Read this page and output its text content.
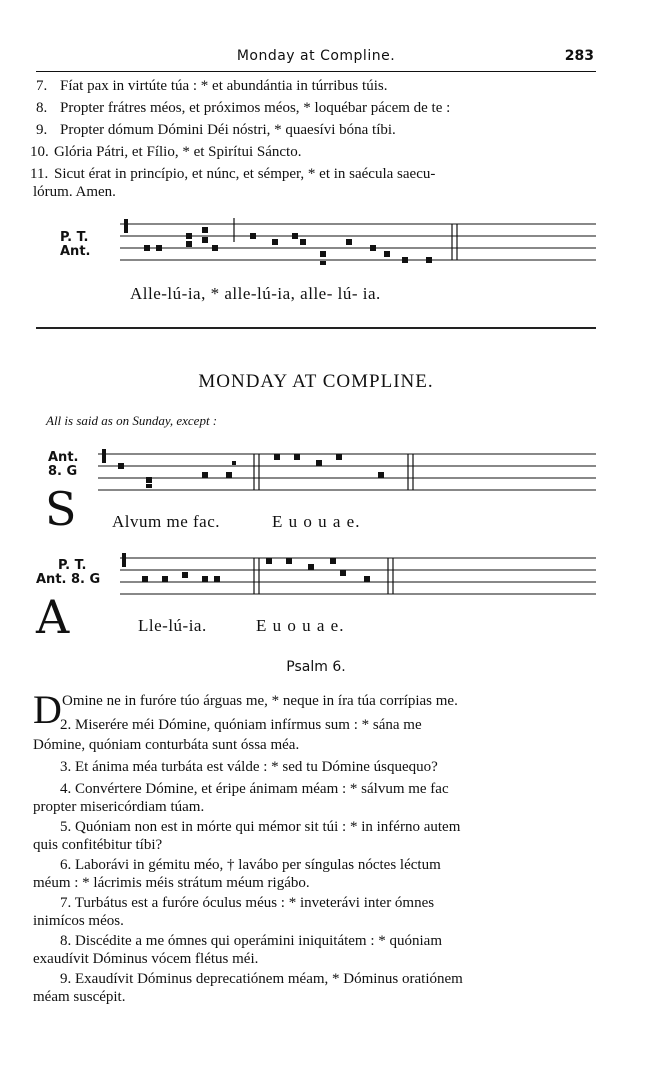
Monday at Compline.	283
7. Fíat pax in virtúte túa : * et abundántia in túrribus túis.
8. Propter frátres méos, et próximos méos, * loquébar pácem de te :
9. Propter dómum Dómini Déi nóstri, * quaesívi bóna tíbi.
10. Glória Pátri, et Fílio, * et Spirítui Sáncto.
11. Sicut érat in princípio, et núnc, et sémper, * et in saécula saecu-
lórum. Amen.
P. T.
Ant.
Alle-lú-ia, * alle-lú-ia, alle- lú- ia.
MONDAY AT COMPLINE.
All is said as on Sunday, except :
Ant.
8. G
S Alvum me fac.	E u o u a e.
P. T.
Ant. 8. G
A	Lle-lú-ia.	E u o u a e.
Psalm 6.
D Omine ne in furóre túo árguas me, * neque in íra túa corrípias me.
2. Miserére méi Dómine, quóniam infírmus sum : * sána me
Dómine, quóniam conturbáta sunt óssa méa.
3. Et ánima méa turbáta est válde : * sed tu Dómine úsquequo?
4. Convértere Dómine, et éripe ánimam méam : * sálvum me fac
propter misericórdiam túam.
5. Quóniam non est in mórte qui mémor sit túi : * in inférno autem
quis confitébitur tíbi?
6. Laborávi in gémitu méo, † lavábo per síngulas nóctes léctum
méum : * lácrimis méis strátum méum rigábo.
7. Turbátus est a furóre óculus méus : * inveterávi inter ómnes
inimícos méos.
8. Discédite a me ómnes qui operámini iniquitátem : * quóniam
exaudívit Dóminus vócem flétus méi.
9. Exaudívit Dóminus deprecatiónem méam, * Dóminus oratiónem
méam suscépit.
